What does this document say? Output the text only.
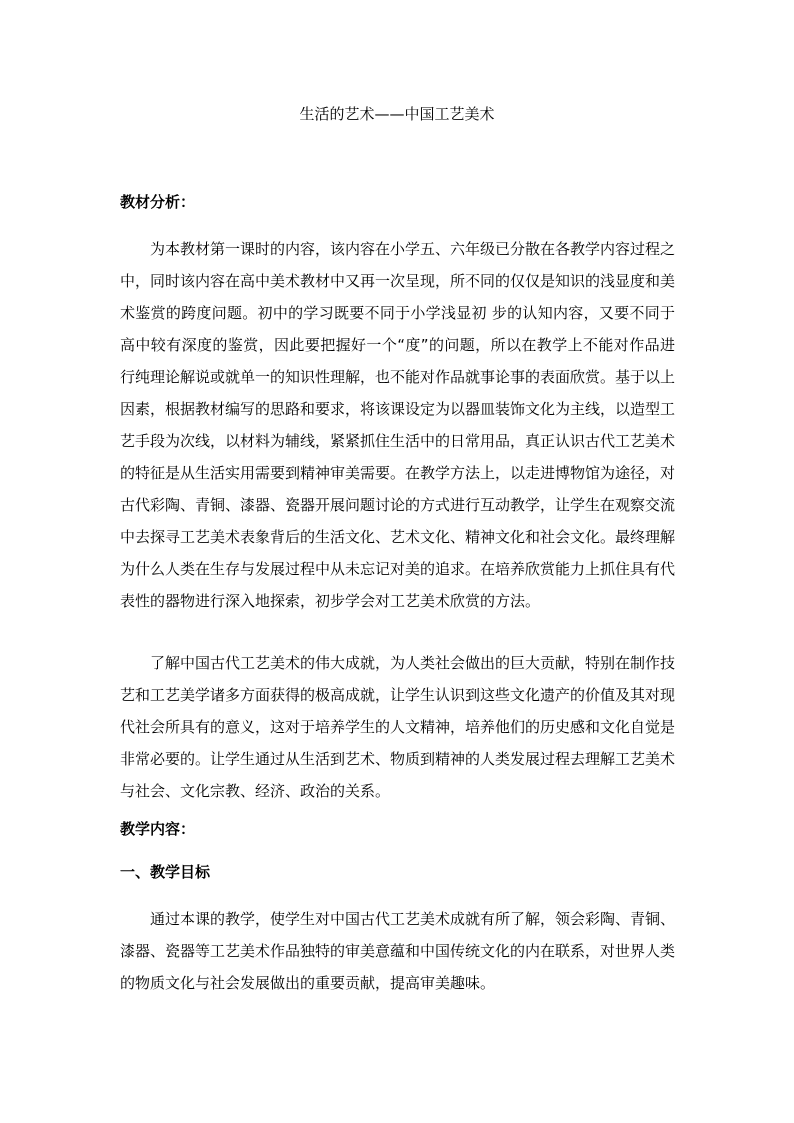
生活的艺术——中国工艺美术
教材分析：
为本教材第一课时的内容，该内容在小学五、六年级已分散在各教学内容过程之中，同时该内容在高中美术教材中又再一次呈现，所不同的仅仅是知识的浅显度和美术鉴赏的跨度问题。初中的学习既要不同于小学浅显初 步的认知内容，又要不同于高中较有深度的鉴赏，因此要把握好一个“度”的问题，所以在教学上不能对作品进行纯理论解说或就单一的知识性理解，也不能对作品就事论事的表面欣赏。基于以上因素，根据教材编写的思路和要求，将该课设定为以器皿装饰文化为主线，以造型工艺手段为次线，以材料为辅线，紧紧抓住生活中的日常用品，真正认识古代工艺美术的特征是从生活实用需要到精神审美需要。在教学方法上，以走进博物馆为途径，对古代彩陶、青铜、漆器、瓷器开展问题讨论的方式进行互动教学，让学生在观察交流中去探寻工艺美术表象背后的生活文化、艺术文化、精神文化和社会文化。最终理解为什么人类在生存与发展过程中从未忘记对美的追求。在培养欣赏能力上抓住具有代表性的器物进行深入地探索，初步学会对工艺美术欣赏的方法。
了解中国古代工艺美术的伟大成就，为人类社会做出的巨大贡献，特别在制作技艺和工艺美学诸多方面获得的极高成就，让学生认识到这些文化遗产的价值及其对现代社会所具有的意义，这对于培养学生的人文精神，培养他们的历史感和文化自觉是非常必要的。让学生通过从生活到艺术、物质到精神的人类发展过程去理解工艺美术与社会、文化宗教、经济、政治的关系。
教学内容：
一、教学目标
通过本课的教学，使学生对中国古代工艺美术成就有所了解，领会彩陶、青铜、漆器、瓷器等工艺美术作品独特的审美意蕴和中国传统文化的内在联系，对世界人类的物质文化与社会发展做出的重要贡献，提高审美趣味。
